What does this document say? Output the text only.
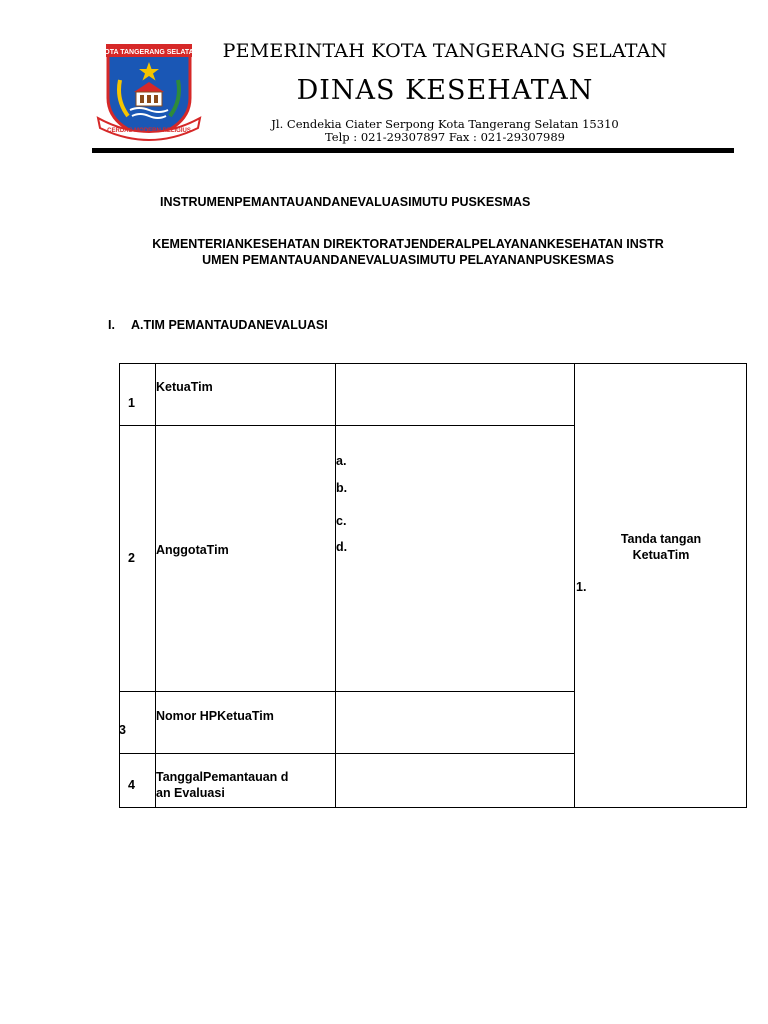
KOTA TANGERANG SELATAN
CERDAS MODERN RELIGIUS
PEMERINTAH KOTA TANGERANG SELATAN
DINAS KESEHATAN
Jl. Cendekia Ciater Serpong Kota Tangerang Selatan 15310
Telp : 021-29307897 Fax : 021-29307989
INSTRUMENPEMANTAUANDANEVALUASIMUTU PUSKESMAS
KEMENTERIANKESEHATAN DIREKTORATJENDERALPELAYANANKESEHATAN INSTR
UMEN PEMANTAUANDANEVALUASIMUTU PELAYANANPUSKESMAS
I. A.TIM PEMANTAUDANEVALUASI
1
KetuaTim
2
AnggotaTim
a.
b.
c.
d.
3
Nomor HPKetuaTim
4
TanggalPemantauan d
an Evaluasi
Tanda tangan
KetuaTim
1.
